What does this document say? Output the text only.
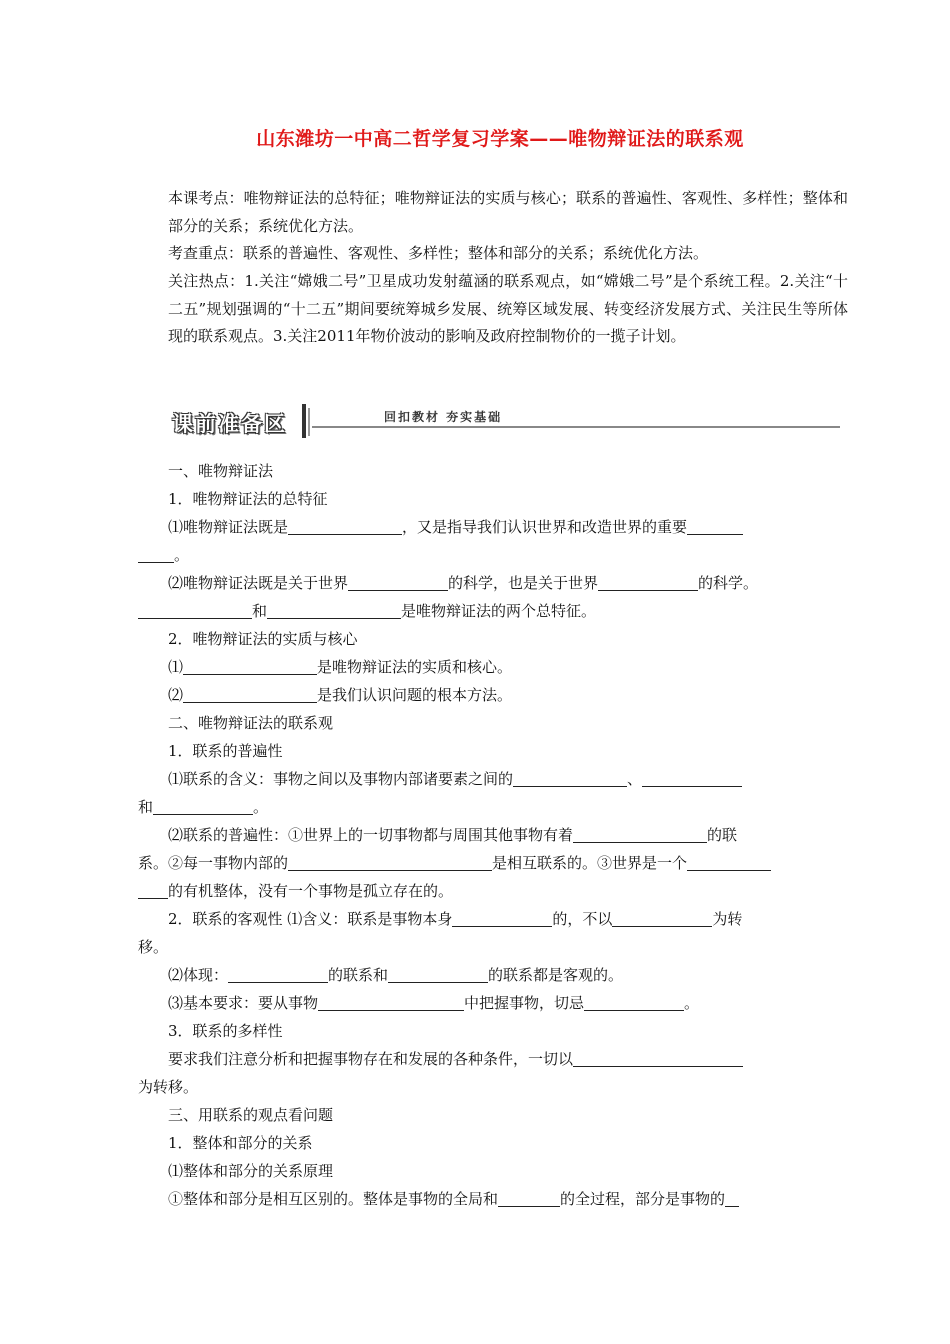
山东潍坊一中高二哲学复习学案——唯物辩证法的联系观
本课考点：唯物辩证法的总特征；唯物辩证法的实质与核心；联系的普遍性、客观性、多样性；整体和部分的关系；系统优化方法。
考查重点：联系的普遍性、客观性、多样性；整体和部分的关系；系统优化方法。
关注热点：1.关注“嫦娥二号”卫星成功发射蕴涵的联系观点，如“嫦娥二号”是个系统工程。2.关注“十二五”规划强调的“十二五”期间要统筹城乡发展、统筹区域发展、转变经济发展方式、关注民生等所体现的联系观点。3.关注2011年物价波动的影响及政府控制物价的一揽子计划。
课前准备区	回扣教材 夯实基础
一、唯物辩证法
1．唯物辩证法的总特征
⑴唯物辩证法既是	，又是指导我们认识世界和改造世界的重要
。
⑵唯物辩证法既是关于世界	的科学，也是关于世界	的科学。
和	是唯物辩证法的两个总特征。
2．唯物辩证法的实质与核心
⑴	是唯物辩证法的实质和核心。
⑵	是我们认识问题的根本方法。
二、唯物辩证法的联系观
1．联系的普遍性
⑴联系的含义：事物之间以及事物内部诸要素之间的	、
和	。
⑵联系的普遍性：①世界上的一切事物都与周围其他事物有着	的联
系。②每一事物内部的	是相互联系的。③世界是一个
的有机整体，没有一个事物是孤立存在的。
2．联系的客观性 ⑴含义：联系是事物本身	的，不以	为转
移。
⑵体现：	的联系和	的联系都是客观的。
⑶基本要求：要从事物	中把握事物，切忌	。
3．联系的多样性
要求我们注意分析和把握事物存在和发展的各种条件，一切以
为转移。
三、用联系的观点看问题
1．整体和部分的关系
⑴整体和部分的关系原理
①整体和部分是相互区别的。整体是事物的全局和	的全过程，部分是事物的
